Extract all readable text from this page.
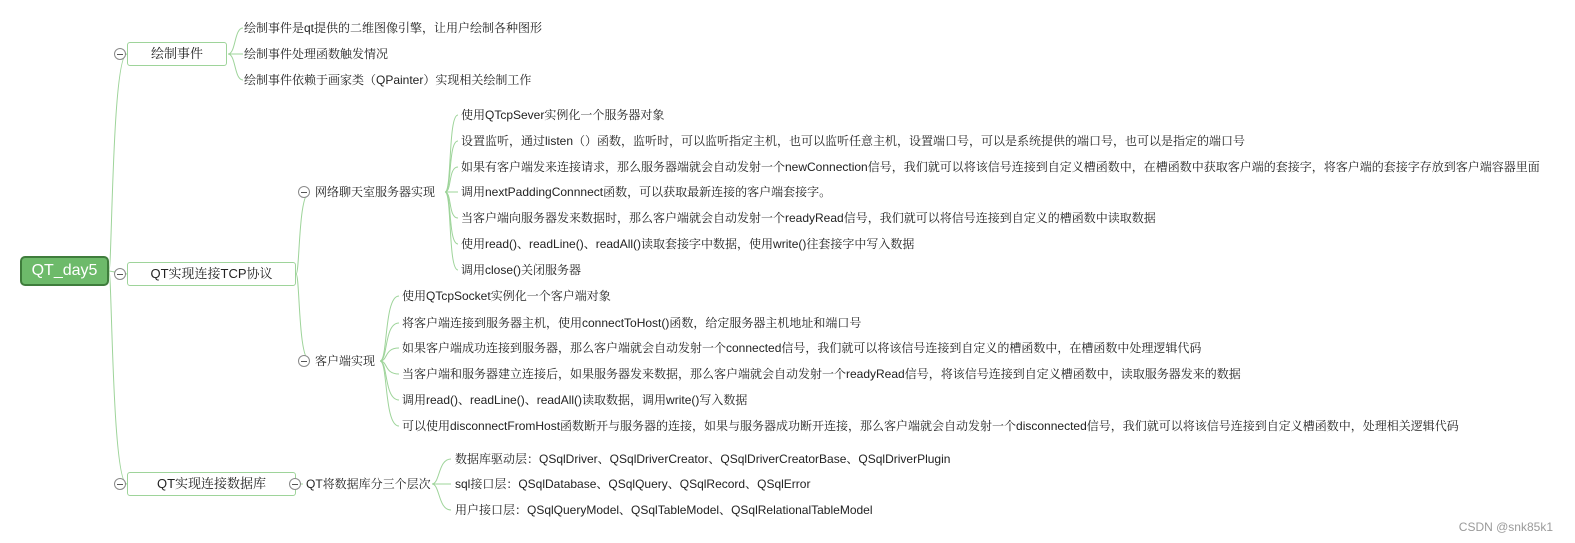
QT_day5
绘制事件
QT实现连接TCP协议
QT实现连接数据库
绘制事件是qt提供的二维图像引擎，让用户绘制各种图形
绘制事件处理函数触发情况
绘制事件依赖于画家类（QPainter）实现相关绘制工作
网络聊天室服务器实现
使用QTcpSever实例化一个服务器对象
设置监听，通过listen（）函数，监听时，可以监听指定主机，也可以监听任意主机，设置端口号，可以是系统提供的端口号，也可以是指定的端口号
如果有客户端发来连接请求，那么服务器端就会自动发射一个newConnection信号，我们就可以将该信号连接到自定义槽函数中，在槽函数中获取客户端的套接字，将客户端的套接字存放到客户端容器里面
调用nextPaddingConnnect函数，可以获取最新连接的客户端套接字。
当客户端向服务器发来数据时，那么客户端就会自动发射一个readyRead信号，我们就可以将信号连接到自定义的槽函数中读取数据
使用read()、readLine()、readAll()读取套接字中数据，使用write()往套接字中写入数据
调用close()关闭服务器
客户端实现
使用QTcpSocket实例化一个客户端对象
将客户端连接到服务器主机，使用connectToHost()函数，给定服务器主机地址和端口号
如果客户端成功连接到服务器，那么客户端就会自动发射一个connected信号，我们就可以将该信号连接到自定义的槽函数中，在槽函数中处理逻辑代码
当客户端和服务器建立连接后，如果服务器发来数据，那么客户端就会自动发射一个readyRead信号，将该信号连接到自定义槽函数中，读取服务器发来的数据
调用read()、readLine()、readAll()读取数据，调用write()写入数据
可以使用disconnectFromHost函数断开与服务器的连接，如果与服务器成功断开连接，那么客户端就会自动发射一个disconnected信号，我们就可以将该信号连接到自定义槽函数中，处理相关逻辑代码
QT将数据库分三个层次
数据库驱动层：QSqlDriver、QSqlDriverCreator、QSqlDriverCreatorBase、QSqlDriverPlugin
sql接口层：QSqlDatabase、QSqlQuery、QSqlRecord、QSqlError
用户接口层：QSqlQueryModel、QSqlTableModel、QSqlRelationalTableModel
CSDN @snk85k1
